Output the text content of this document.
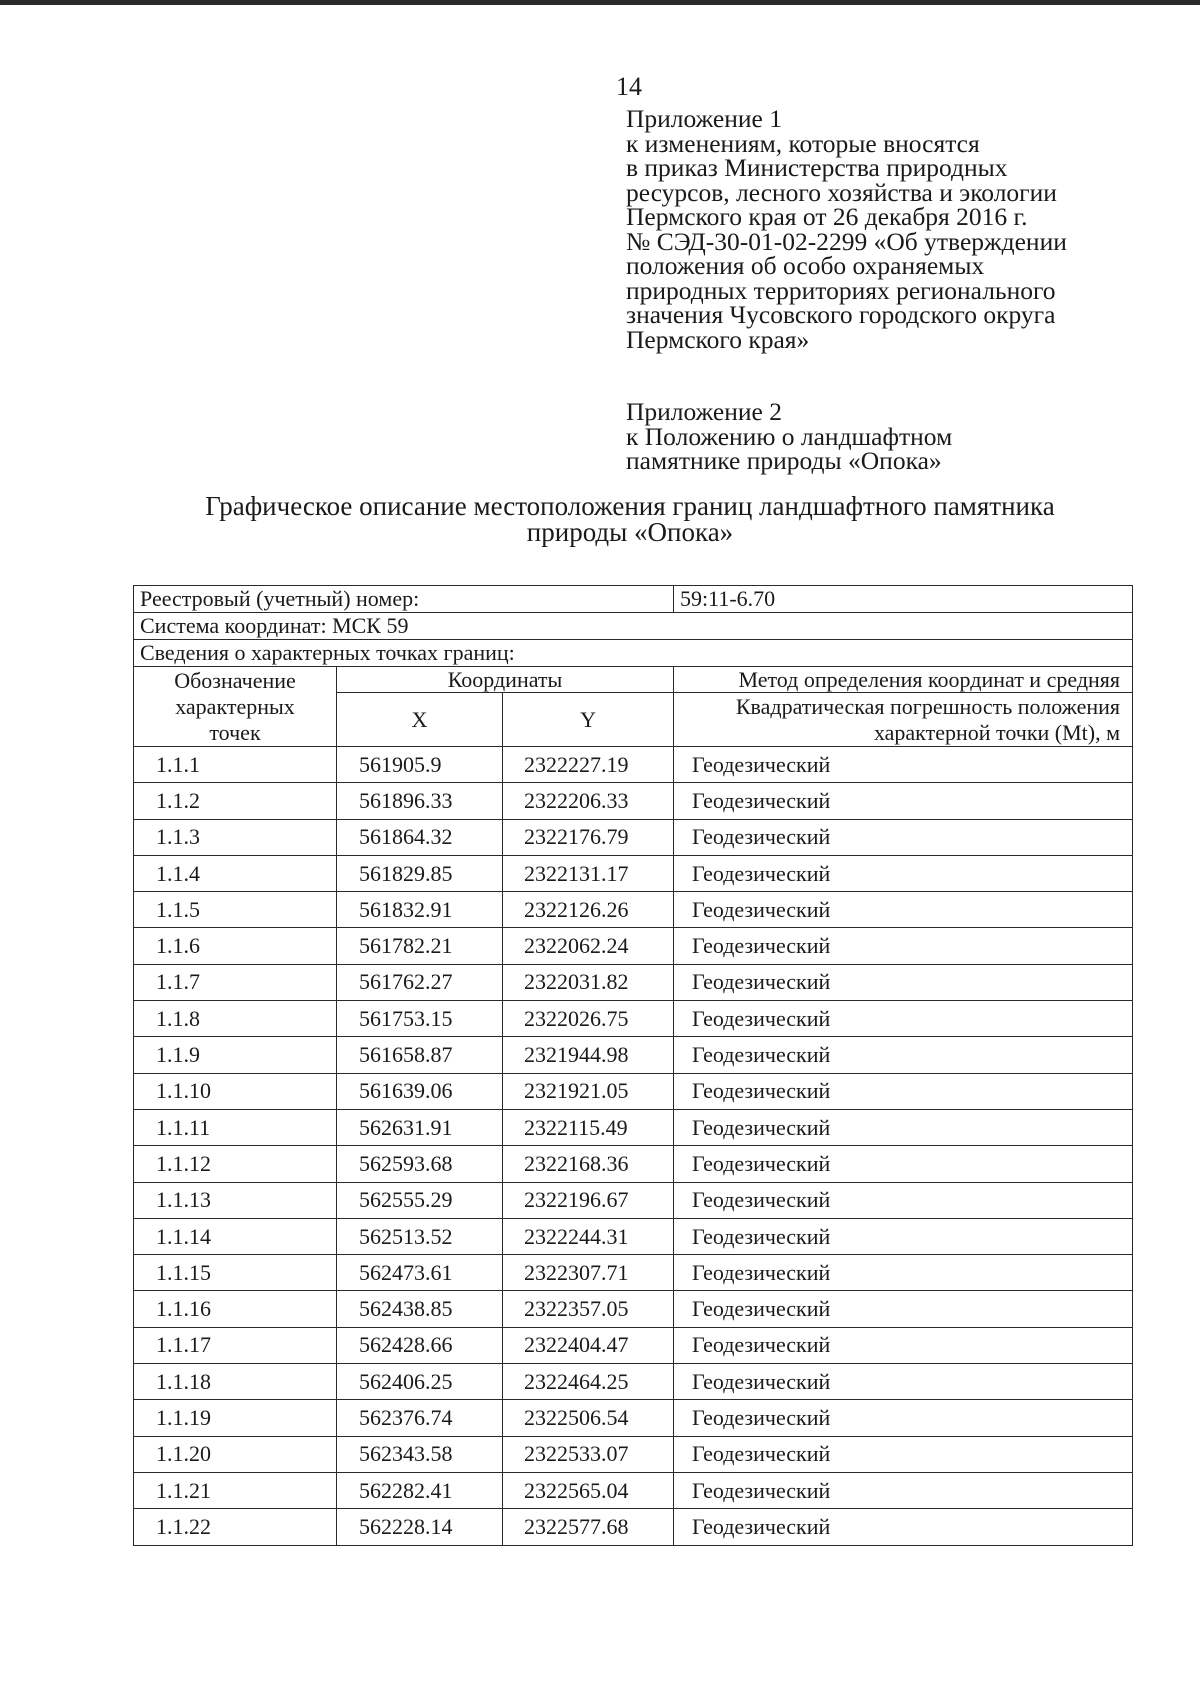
14
Приложение 1
к изменениям, которые вносятся
в приказ Министерства природных
ресурсов, лесного хозяйства и экологии
Пермского края от 26 декабря 2016 г.
№ СЭД-30-01-02-2299 «Об утверждении
положения об особо охраняемых
природных территориях регионального
значения Чусовского городского округа
Пермского края»
Приложение 2
к Положению о ландшафтном
памятнике природы «Опока»
Графическое описание местоположения границ ландшафтного памятника
природы «Опока»
Реестровый (учетный) номер:			59:11-6.70
Система координат: МСК 59			
Сведения о характерных точках границ:			

Обозначение
характерных
точек	Координаты		Метод определения координат и средняя
	X	Y	Квадратическая погрешность положения
характерной точки (Mt), м

1.1.1	561905.9	2322227.19	Геодезический
1.1.2	561896.33	2322206.33	Геодезический
1.1.3	561864.32	2322176.79	Геодезический
1.1.4	561829.85	2322131.17	Геодезический
1.1.5	561832.91	2322126.26	Геодезический
1.1.6	561782.21	2322062.24	Геодезический
1.1.7	561762.27	2322031.82	Геодезический
1.1.8	561753.15	2322026.75	Геодезический
1.1.9	561658.87	2321944.98	Геодезический
1.1.10	561639.06	2321921.05	Геодезический
1.1.11	562631.91	2322115.49	Геодезический
1.1.12	562593.68	2322168.36	Геодезический
1.1.13	562555.29	2322196.67	Геодезический
1.1.14	562513.52	2322244.31	Геодезический
1.1.15	562473.61	2322307.71	Геодезический
1.1.16	562438.85	2322357.05	Геодезический
1.1.17	562428.66	2322404.47	Геодезический
1.1.18	562406.25	2322464.25	Геодезический
1.1.19	562376.74	2322506.54	Геодезический
1.1.20	562343.58	2322533.07	Геодезический
1.1.21	562282.41	2322565.04	Геодезический
1.1.22	562228.14	2322577.68	Геодезический
